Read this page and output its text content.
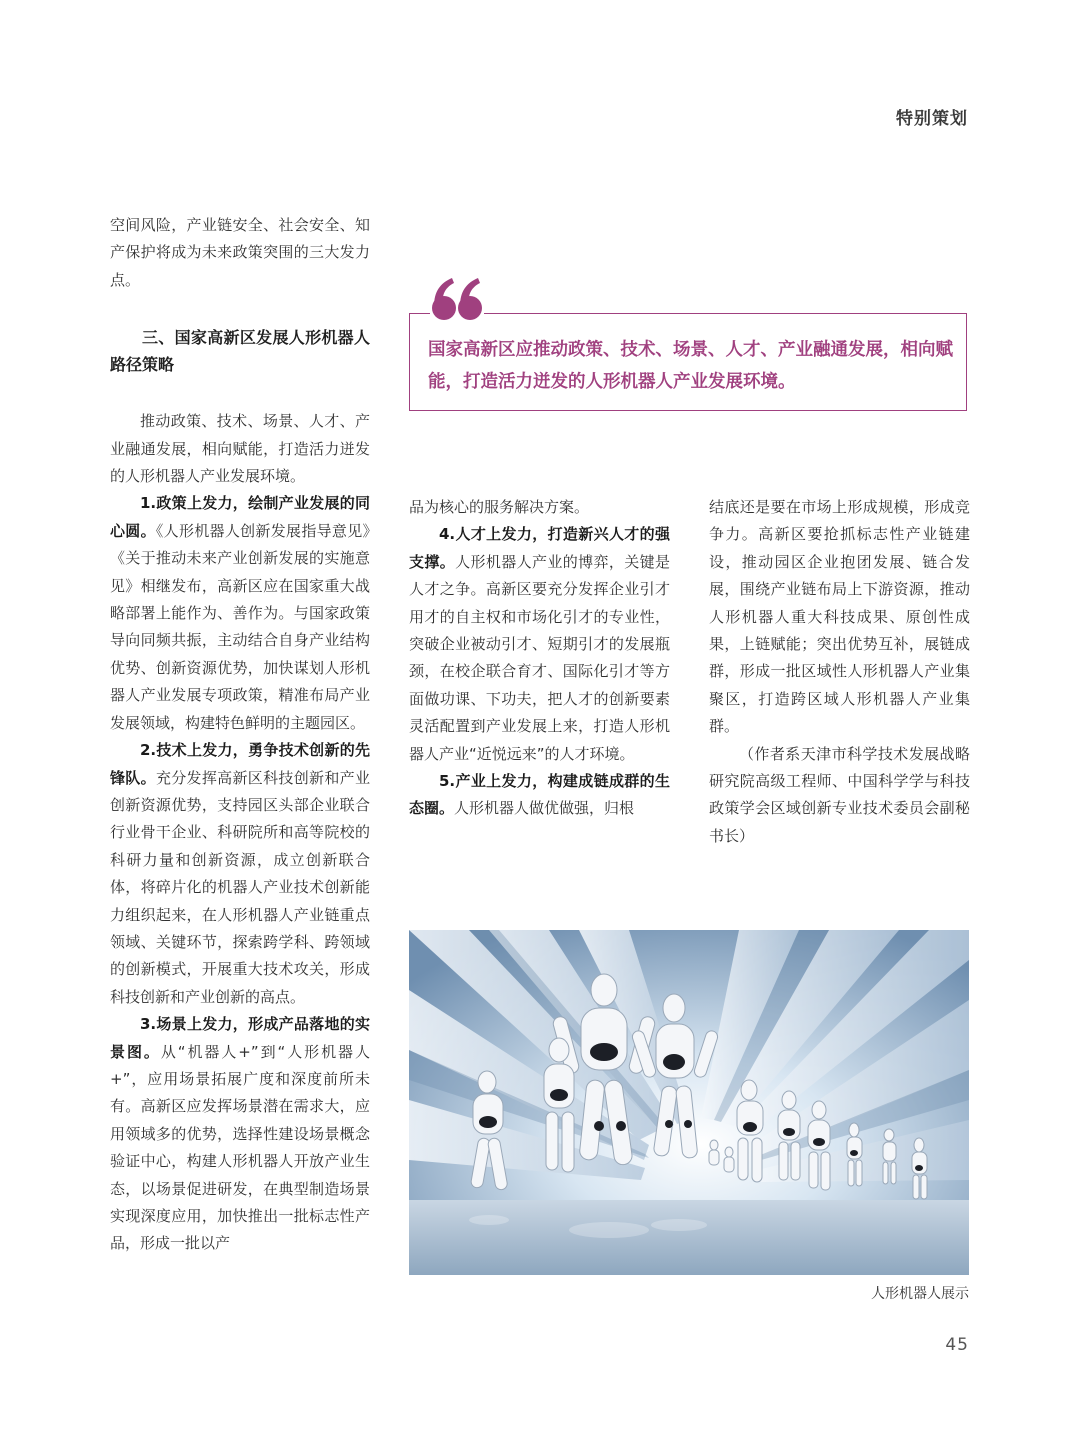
特别策划

空间风险，产业链安全、社会安全、知产保护将成为未来政策突围的三大发力点。

三、国家高新区发展人形机器人路径策略

推动政策、技术、场景、人才、产业融通发展，相向赋能，打造活力迸发的人形机器人产业发展环境。

1.政策上发力，绘制产业发展的同心圆。《人形机器人创新发展指导意见》《关于推动未来产业创新发展的实施意见》相继发布，高新区应在国家重大战略部署上能作为、善作为。与国家政策导向同频共振，主动结合自身产业结构优势、创新资源优势，加快谋划人形机器人产业发展专项政策，精准布局产业发展领域，构建特色鲜明的主题园区。

2.技术上发力，勇争技术创新的先锋队。充分发挥高新区科技创新和产业创新资源优势，支持园区头部企业联合行业骨干企业、科研院所和高等院校的科研力量和创新资源，成立创新联合体，将碎片化的机器人产业技术创新能力组织起来，在人形机器人产业链重点领域、关键环节，探索跨学科、跨领域的创新模式，开展重大技术攻关，形成科技创新和产业创新的高点。

3.场景上发力，形成产品落地的实景图。从“机器人+”到“人形机器人+”，应用场景拓展广度和深度前所未有。高新区应发挥场景潜在需求大，应用领域多的优势，选择性建设场景概念验证中心，构建人形机器人开放产业生态，以场景促进研发，在典型制造场景实现深度应用，加快推出一批标志性产品，形成一批以产

国家高新区应推动政策、技术、场景、人才、产业融通发展，相向赋能，打造活力迸发的人形机器人产业发展环境。

品为核心的服务解决方案。

4.人才上发力，打造新兴人才的强支撑。人形机器人产业的博弈，关键是人才之争。高新区要充分发挥企业引才用才的自主权和市场化引才的专业性，突破企业被动引才、短期引才的发展瓶颈，在校企联合育才、国际化引才等方面做功课、下功夫，把人才的创新要素灵活配置到产业发展上来，打造人形机器人产业“近悦远来”的人才环境。

5.产业上发力，构建成链成群的生态圈。人形机器人做优做强，归根

结底还是要在市场上形成规模，形成竞争力。高新区要抢抓标志性产业链建设，推动园区企业抱团发展、链合发展，围绕产业链布局上下游资源，推动人形机器人重大科技成果、原创性成果，上链赋能；突出优势互补，展链成群，形成一批区域性人形机器人产业集聚区，打造跨区域人形机器人产业集群。

（作者系天津市科学技术发展战略研究院高级工程师、中国科学学与科技政策学会区域创新专业技术委员会副秘书长）

人形机器人展示
45
